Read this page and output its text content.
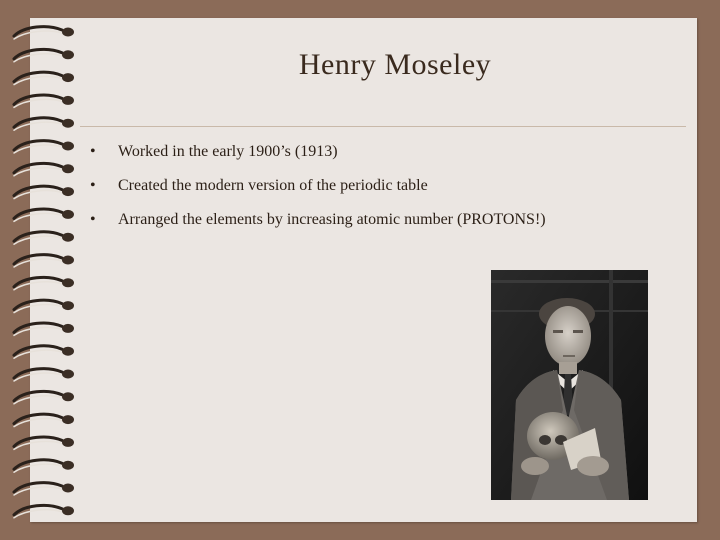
Henry Moseley
•	Worked in the early 1900’s (1913)
•	Created the modern version of the periodic table
•	Arranged the elements by increasing atomic number (PROTONS!)
